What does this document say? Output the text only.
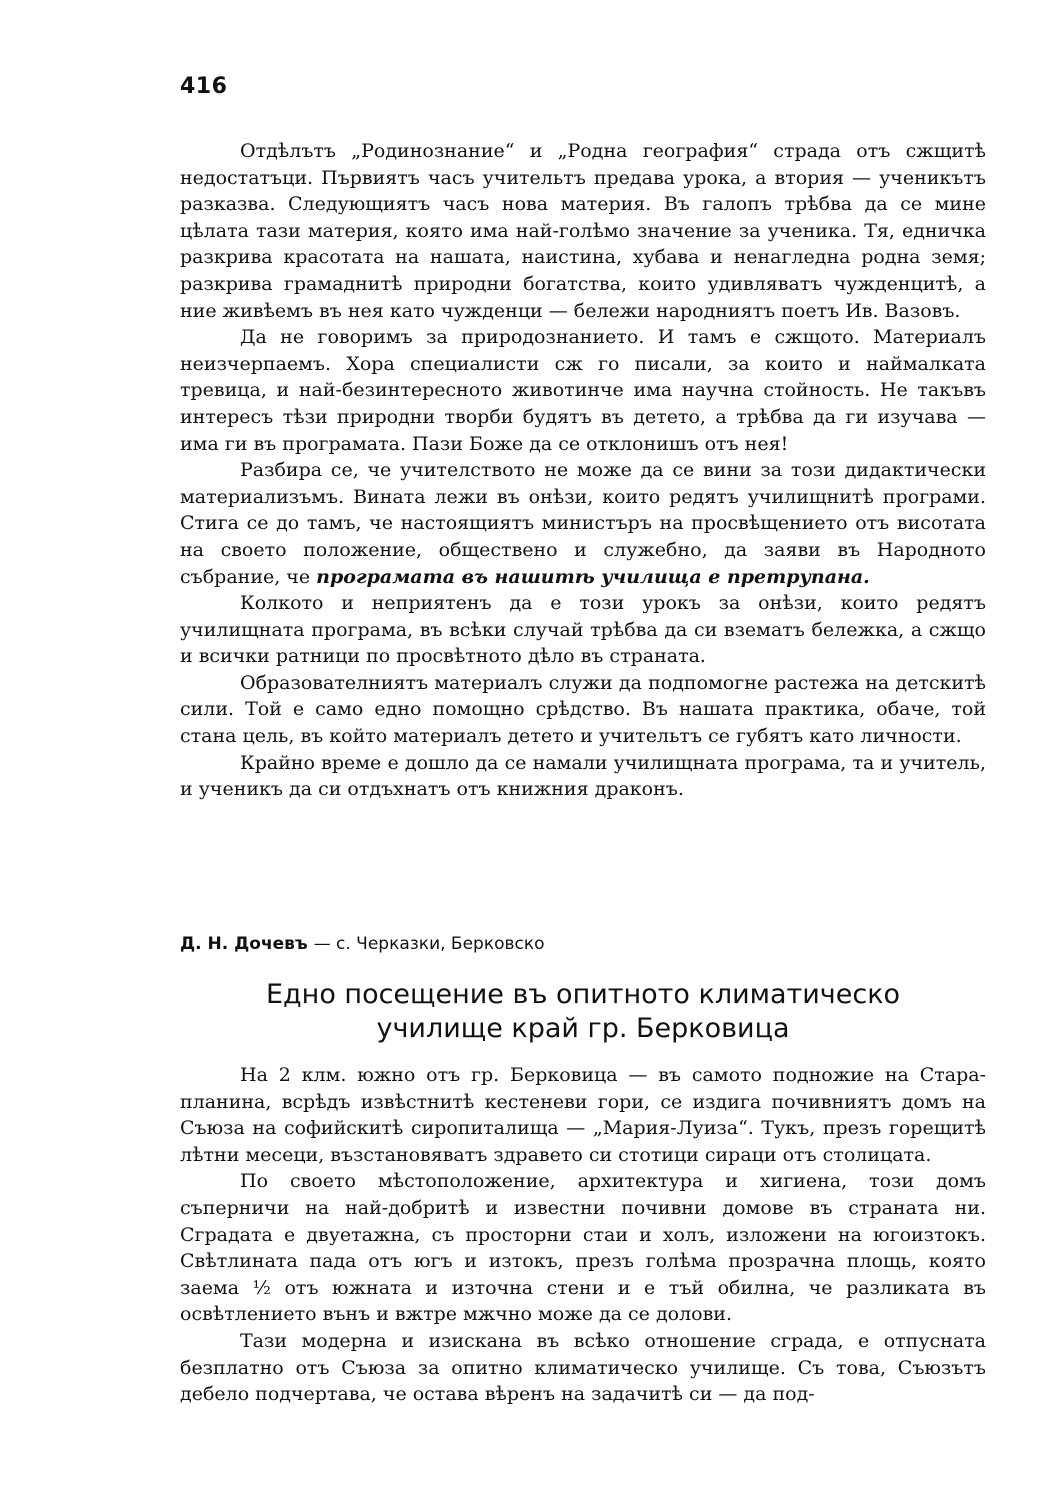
416

Отдѣлътъ „Родинознание“ и „Родна география“ страда отъ сжщитѣ недостатъци. Първиятъ часъ учительтъ предава урока, а втория — ученикътъ разказва. Следующиятъ часъ нова материя. Въ галопъ трѣбва да се мине цѣлата тази материя, която има най-голѣмо значение за ученика. Тя, едничка разкрива красотата на нашата, наистина, хубава и ненагледна родна земя; разкрива грамаднитѣ природни богатства, които удивляватъ чужденцитѣ, а ние живѣемъ въ нея като чужденци — бележи народниятъ поетъ Ив. Вазовъ.

Да не говоримъ за природознанието. И тамъ е сжщото. Материалъ неизчерпаемъ. Хора специалисти сж го писали, за които и наймалката тревица, и най-безинтересното животинче има научна стойность. Не такъвъ интересъ тѣзи природни творби будятъ въ детето, а трѣбва да ги изучава — има ги въ програмата. Пази Боже да се отклонишъ отъ нея!

Разбира се, че учителството не може да се вини за този дидактически материализъмъ. Вината лежи въ онѣзи, които редятъ училищнитѣ програми. Стига се до тамъ, че настоящиятъ министъръ на просвѣщението отъ висотата на своето положение, обществено и служебно, да заяви въ Народното събрание, че програмата въ нашитѣ училища е претрупана.

Колкото и неприятенъ да е този урокъ за онѣзи, които редятъ училищната програма, въ всѣки случай трѣбва да си взематъ бележка, а сжщо и всички ратници по просвѣтното дѣло въ страната.

Образователниятъ материалъ служи да подпомогне растежа на детскитѣ сили. Той е само едно помощно срѣдство. Въ нашата практика, обаче, той стана цель, въ който материалъ детето и учительтъ се губятъ като личности.

Крайно време е дошло да се намали училищната програма, та и учитель, и ученикъ да си отдъхнатъ отъ книжния драконъ.

Д. Н. Дочевъ — с. Черказки, Берковско
Едно посещение въ опитното климатическо
училище край гр. Берковица

На 2 клм. южно отъ гр. Берковица — въ самото подножие на Стара-планина, всрѣдъ извѣстнитѣ кестеневи гори, се издига почивниятъ домъ на Съюза на софийскитѣ сиропиталища — „Мария-Луиза“. Тукъ, презъ горещитѣ лѣтни месеци, възстановяватъ здравето си стотици сираци отъ столицата.

По своето мѣстоположение, архитектура и хигиена, този домъ съперничи на най-добритѣ и известни почивни домове въ страната ни. Сградата е двуетажна, съ просторни стаи и холъ, изложени на югоизтокъ. Свѣтлината пада отъ югъ и изтокъ, презъ голѣма прозрачна площь, която заема ½ отъ южната и източна стени и е тъй обилна, че разликата въ освѣтлението вънъ и вжтре мжчно може да се долови.

Тази модерна и изискана въ всѣко отношение сграда, е отпусната безплатно отъ Съюза за опитно климатическо училище. Съ това, Съюзътъ дебело подчертава, че остава вѣренъ на задачитѣ си — да под-
